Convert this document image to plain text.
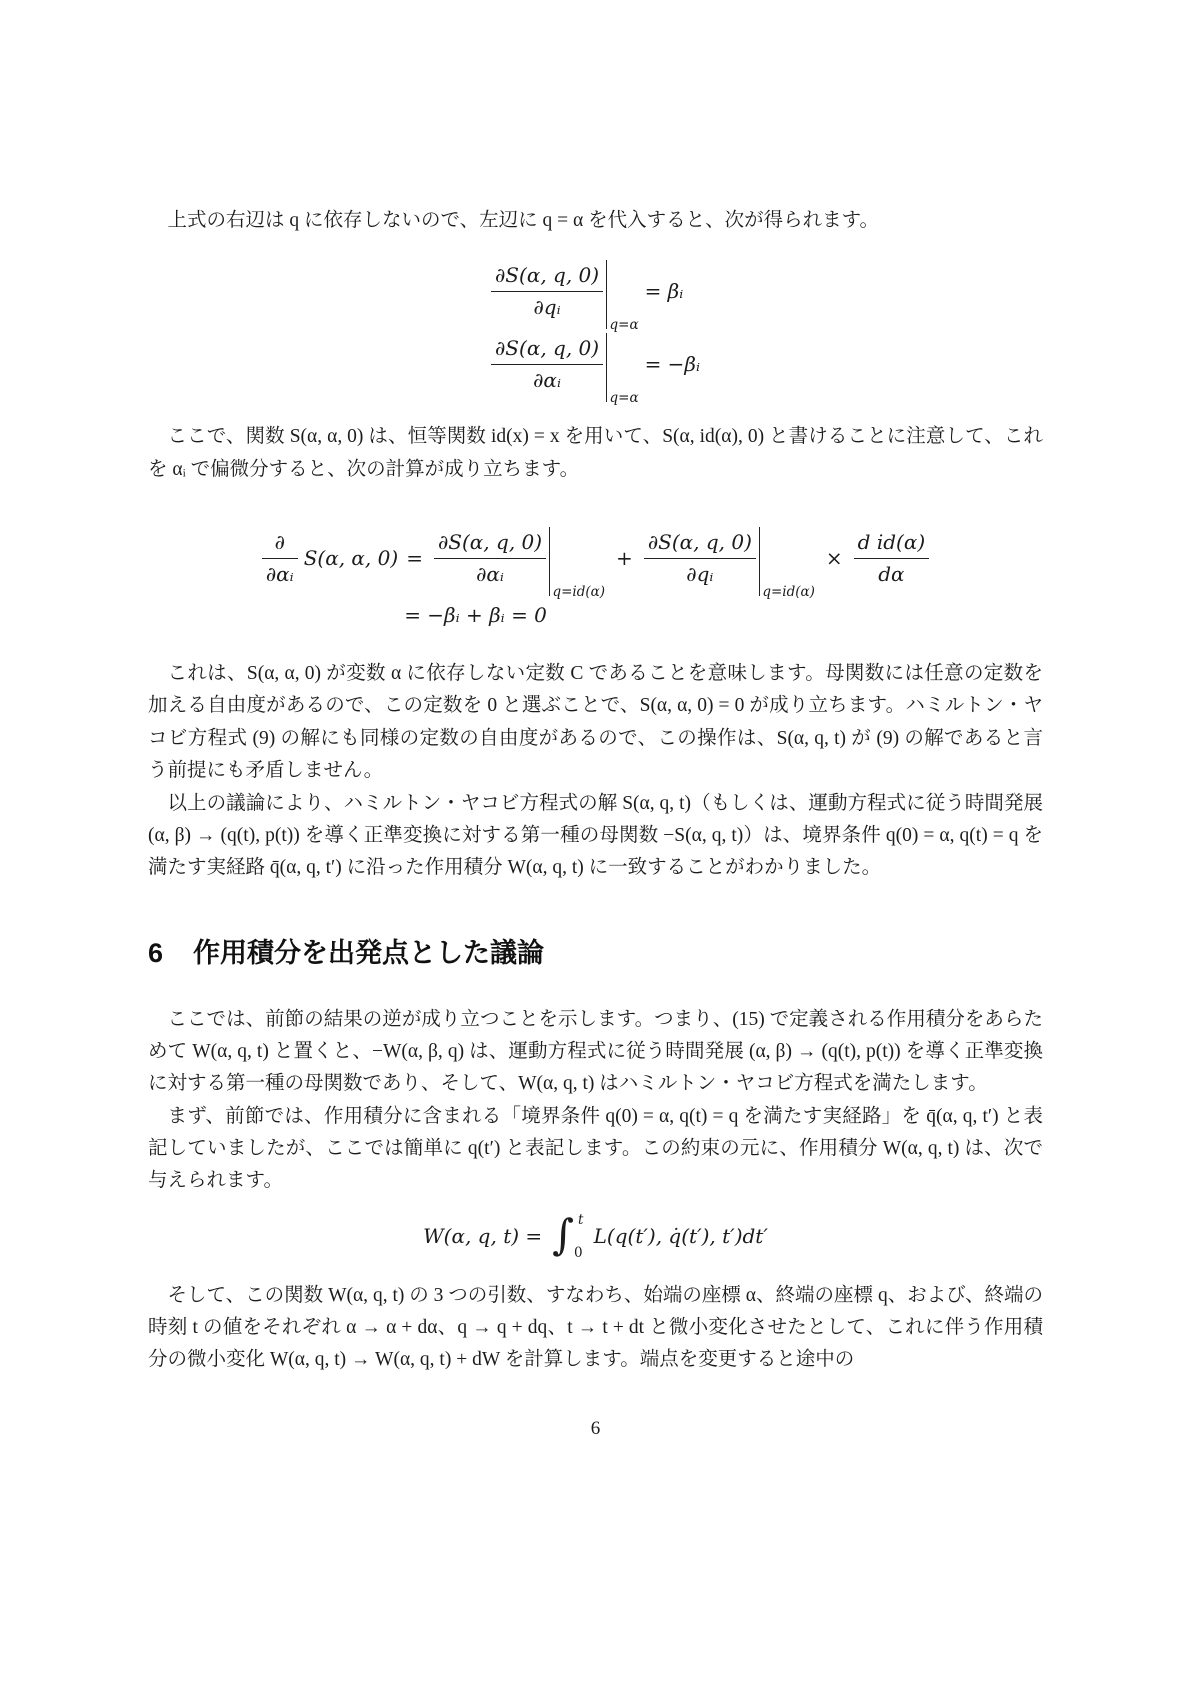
上式の右辺は q に依存しないので、左辺に q = α を代入すると、次が得られます。

$\frac{\partial S(\alpha, q, 0)}{\text{∂qᵢ}}$
q=α
= βᵢ
$\frac{\partial S(\alpha, q, 0)}{\text{∂αᵢ}}$
q=α
= −βᵢ

ここで、関数 S(α, α, 0) は、恒等関数 id(x) = x を用いて、S(α, id(α), 0) と書けることに注意して、これを αᵢ で偏微分すると、次の計算が成り立ちます。

$\frac{\partial}{\text{∂αᵢ}} S(\alpha$, α, $0) = \frac{\partial S(\alpha, q, 0)}{\text{∂αᵢ}}$
q=id(α)
+ $\frac{\partial S(\alpha, q, 0)}{\text{∂qᵢ}}$
q=id(α)
× $\frac{\text{d id(α)}}{d\alpha}$
= −βᵢ + βᵢ = 0

これは、S(α, α, 0) が変数 α に依存しない定数 C であることを意味します。母関数には任意の定数を加える自由度があるので、この定数を 0 と選ぶことで、S(α, α, 0) = 0 が成り立ちます。ハミルトン・ヤコビ方程式 (9) の解にも同様の定数の自由度があるので、この操作は、S(α, q, t) が (9) の解であると言う前提にも矛盾しません。

以上の議論により、ハミルトン・ヤコビ方程式の解 S(α, q, t)（もしくは、運動方程式に従う時間発展 (α, β) → (q(t), p(t)) を導く正準変換に対する第一種の母関数 −S(α, q, t)）は、境界条件 q(0) = α, q(t) = q を満たす実経路 q̄(α, q, t′) に沿った作用積分 W(α, q, t) に一致することがわかりました。

6 作用積分を出発点とした議論

ここでは、前節の結果の逆が成り立つことを示します。つまり、(15) で定義される作用積分をあらためて W(α, q, t) と置くと、−W(α, β, q) は、運動方程式に従う時間発展 (α, β) → (q(t), p(t)) を導く正準変換に対する第一種の母関数であり、そして、W(α, q, t) はハミルトン・ヤコビ方程式を満たします。

まず、前節では、作用積分に含まれる「境界条件 q(0) = α, q(t) = q を満たす実経路」を q̄(α, q, t′) と表記していましたが、ここでは簡単に q(t′) と表記します。この約束の元に、作用積分 W(α, q, t) は、次で与えられます。

W(α, q, t) = ∫ t
0
L(q(t′), q̇(t′), t′)dt′

そして、この関数 W(α, q, t) の 3 つの引数、すなわち、始端の座標 α、終端の座標 q、および、終端の時刻 t の値をそれぞれ α → α + dα、q → q + dq、t → t + dt と微小変化させたとして、これに伴う作用積分の微小変化 W(α, q, t) → W(α, q, t) + dW を計算します。端点を変更すると途中の

6
